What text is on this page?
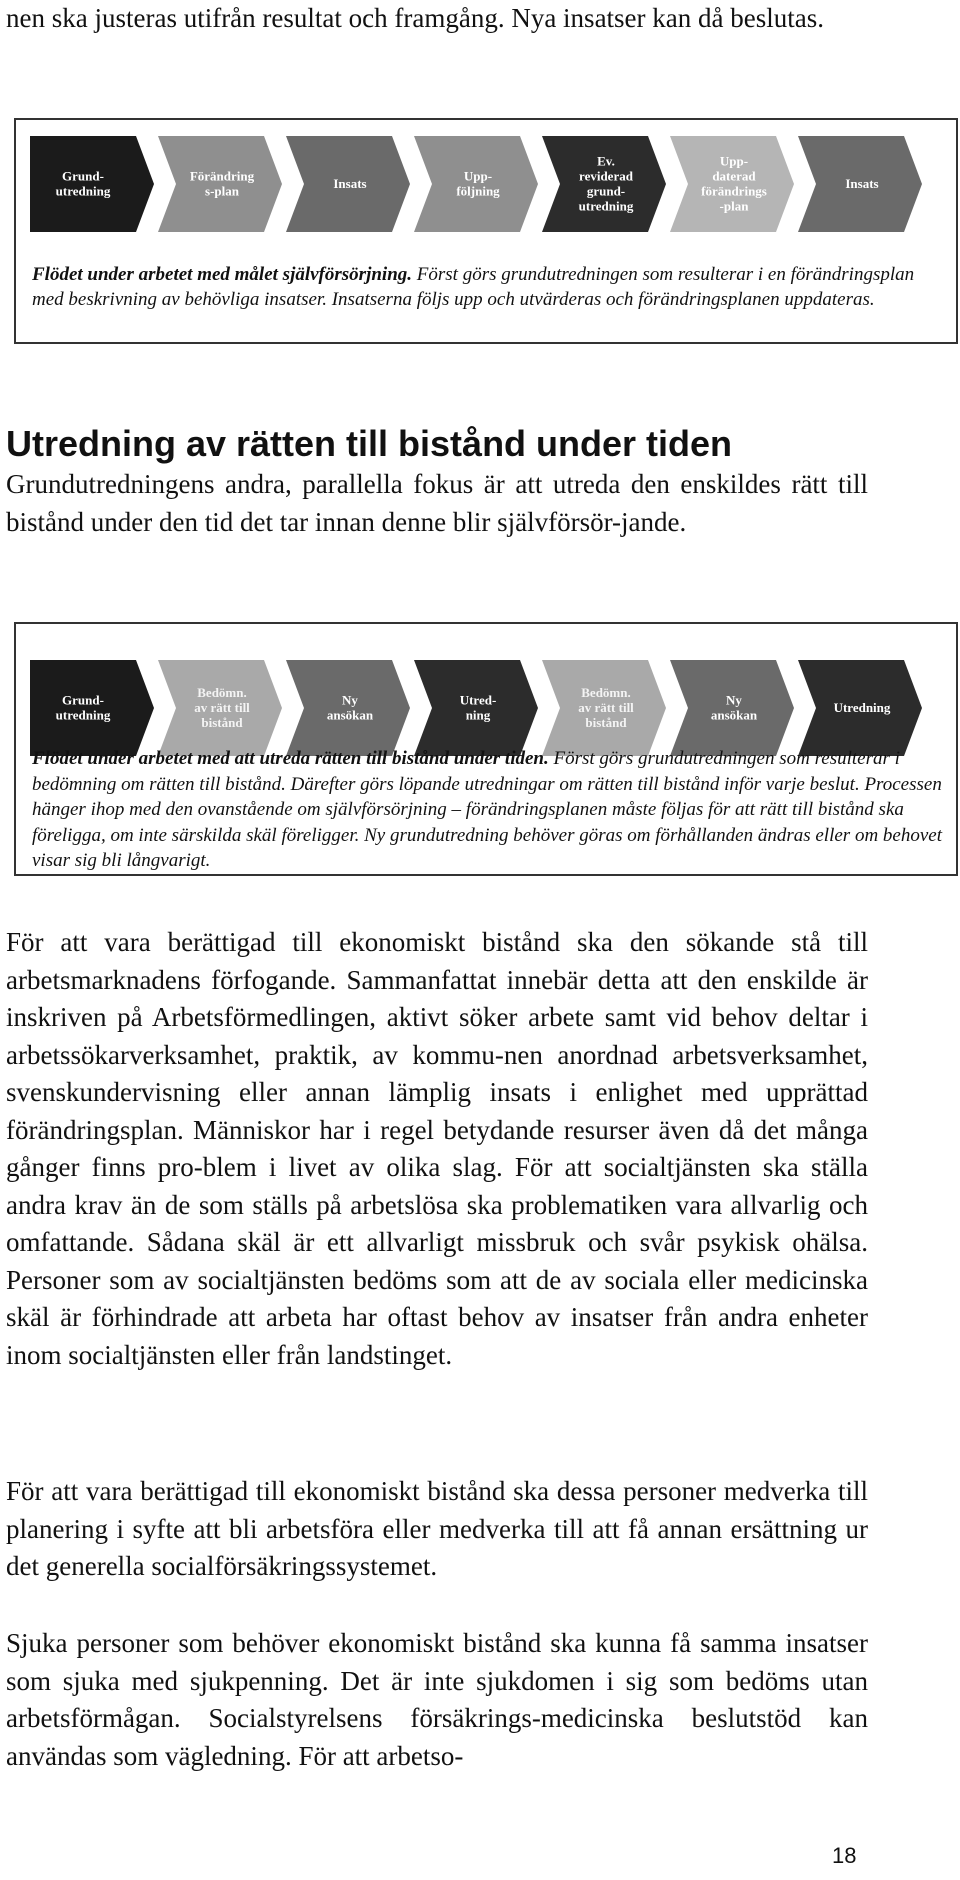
nen ska justeras utifrån resultat och framgång. Nya insatser kan då beslutas.
Grund-
utredning
Förändring
s-plan	Insats	Upp-
följning
Ev.
reviderad
grund-
utredning
Upp-
daterad
förändrings
-plan
Insats
Flödet under arbetet med målet självförsörjning. Först görs grundutredningen som resulterar i en förändringsplan med beskrivning av behövliga insatser. Insatserna följs upp och utvärderas och förändringsplanen uppdateras.
Utredning av rätten till bistånd under tiden
Grundutredningens andra, parallella fokus är att utreda den enskildes rätt till bistånd under den tid det tar innan denne blir självförsör-jande.
Grund-
utredning
Bedömn.
av rätt till
bistånd
Ny
ansökan
Utred-
ning
Bedömn.
av rätt till
bistånd
Ny
ansökan	Utredning
Flödet under arbetet med att utreda rätten till bistånd under tiden. Först görs grundutredningen som resulterar i bedömning om rätten till bistånd. Därefter görs löpande utredningar om rätten till bistånd inför varje beslut. Processen hänger ihop med den ovanstående om självförsörjning – förändringsplanen måste följas för att rätt till bistånd ska föreligga, om inte särskilda skäl föreligger. Ny grundutredning behöver göras om förhållanden ändras eller om behovet visar sig bli långvarigt.
För att vara berättigad till ekonomiskt bistånd ska den sökande stå till arbetsmarknadens förfogande. Sammanfattat innebär detta att den enskilde är inskriven på Arbetsförmedlingen, aktivt söker arbete samt vid behov deltar i arbetssökarverksamhet, praktik, av kommu-nen anordnad arbetsverksamhet, svenskundervisning eller annan lämplig insats i enlighet med upprättad förändringsplan. Människor har i regel betydande resurser även då det många gånger finns pro-blem i livet av olika slag. För att socialtjänsten ska ställa andra krav än de som ställs på arbetslösa ska problematiken vara allvarlig och omfattande. Sådana skäl är ett allvarligt missbruk och svår psykisk ohälsa. Personer som av socialtjänsten bedöms som att de av sociala eller medicinska skäl är förhindrade att arbeta har oftast behov av insatser från andra enheter inom socialtjänsten eller från landstinget.
För att vara berättigad till ekonomiskt bistånd ska dessa personer medverka till planering i syfte att bli arbetsföra eller medverka till att få annan ersättning ur det generella socialförsäkringssystemet.
Sjuka personer som behöver ekonomiskt bistånd ska kunna få samma insatser som sjuka med sjukpenning. Det är inte sjukdomen i sig som bedöms utan arbetsförmågan. Socialstyrelsens försäkrings-medicinska beslutstöd kan användas som vägledning. För att arbetso-
18
